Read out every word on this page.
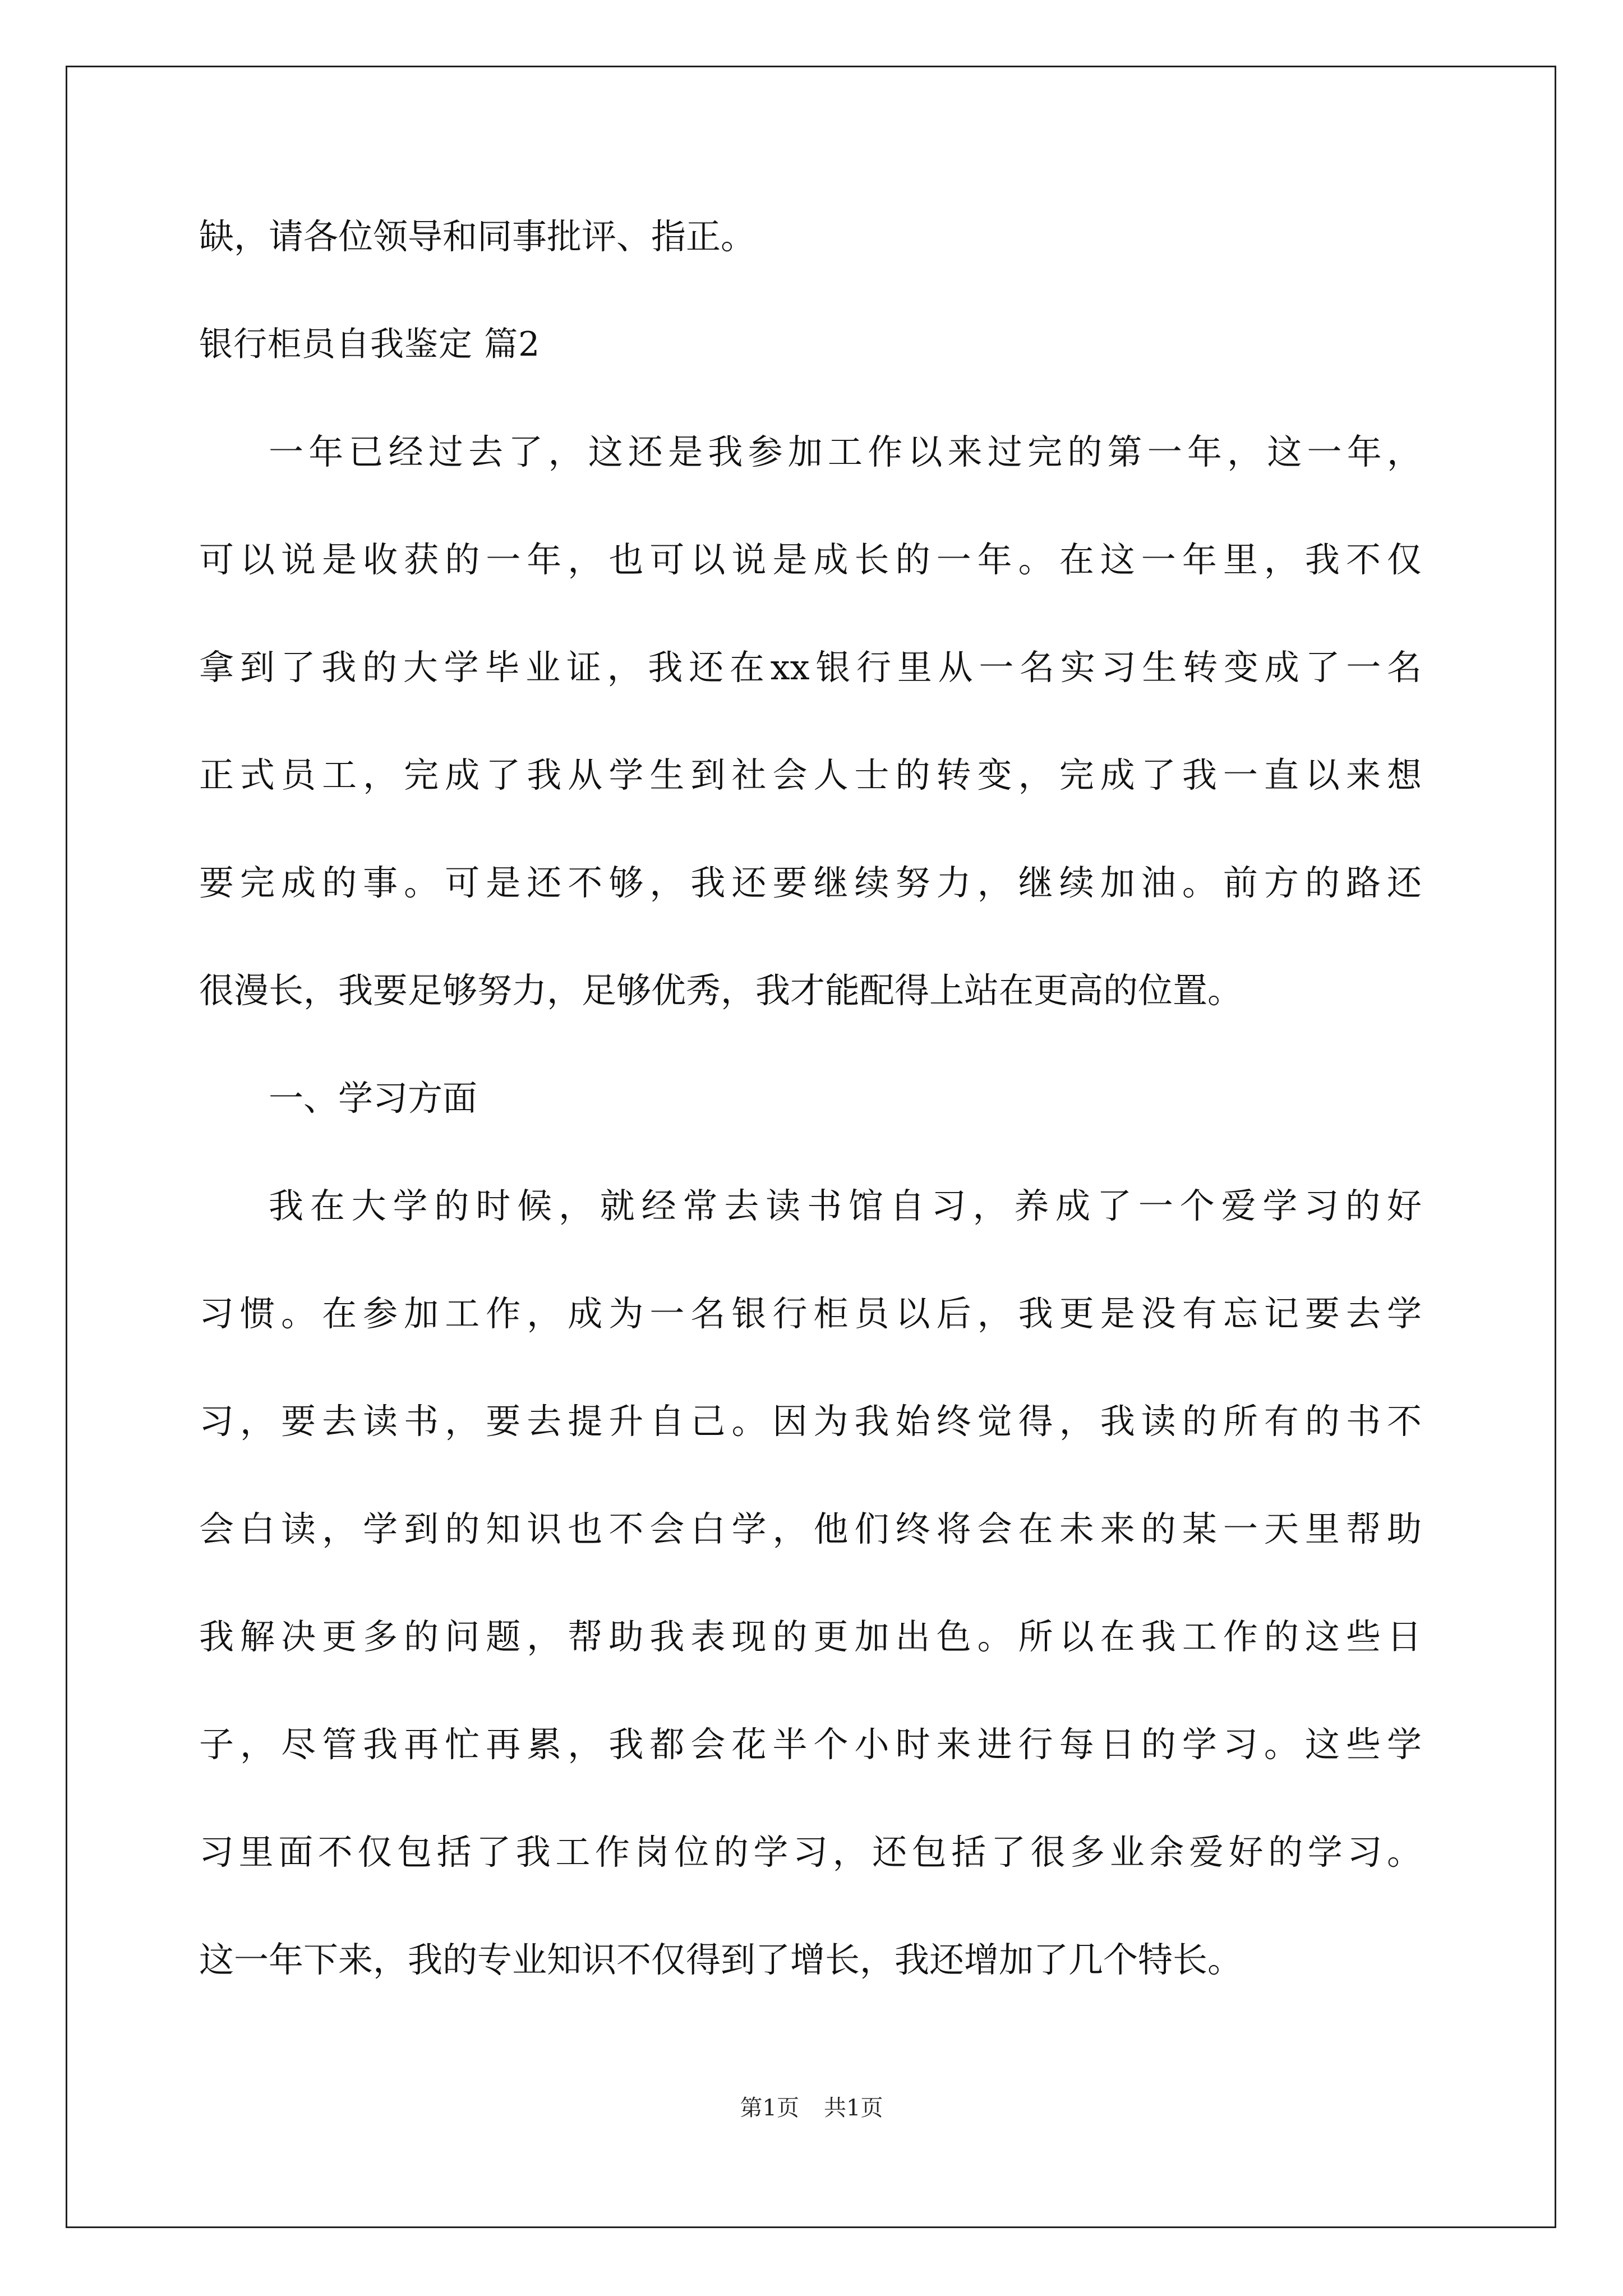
缺，请各位领导和同事批评、指正。
银行柜员自我鉴定 篇2
一年已经过去了，这还是我参加工作以来过完的第一年，这一年，
可以说是收获的一年，也可以说是成长的一年。在这一年里，我不仅
拿到了我的大学毕业证，我还在xx银行里从一名实习生转变成了一名
正式员工，完成了我从学生到社会人士的转变，完成了我一直以来想
要完成的事。可是还不够，我还要继续努力，继续加油。前方的路还
很漫长，我要足够努力，足够优秀，我才能配得上站在更高的位置。
一、学习方面
我在大学的时候，就经常去读书馆自习，养成了一个爱学习的好
习惯。在参加工作，成为一名银行柜员以后，我更是没有忘记要去学
习，要去读书，要去提升自己。因为我始终觉得，我读的所有的书不
会白读，学到的知识也不会白学，他们终将会在未来的某一天里帮助
我解决更多的问题，帮助我表现的更加出色。所以在我工作的这些日
子，尽管我再忙再累，我都会花半个小时来进行每日的学习。这些学
习里面不仅包括了我工作岗位的学习，还包括了很多业余爱好的学习。
这一年下来，我的专业知识不仅得到了增长，我还增加了几个特长。
第1页 共1页
